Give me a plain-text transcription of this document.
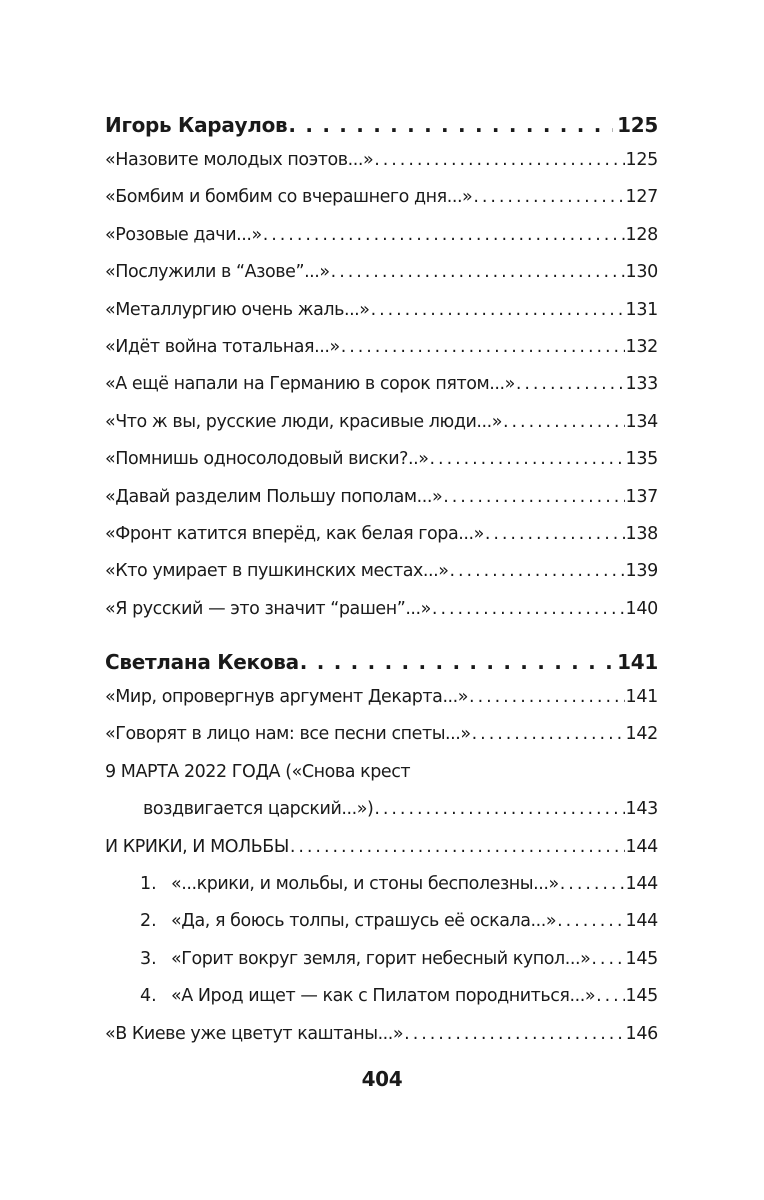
Игорь Караулов . . .	125
«Назовите молодых поэтов...» . . .	125
«Бомбим и бомбим со вчерашнего дня...» . . .	127
«Розовые дачи...» . . .	128
«Послужили в “Азове”...» . . .	130
«Металлургию очень жаль...» . . .	131
«Идёт война тотальная...» . . .	132
«А ещё напали на Германию в сорок пятом...» . . .	133
«Что ж вы, русские люди, красивые люди...» . . .	134
«Помнишь односолодовый виски?..» . . .	135
«Давай разделим Польшу пополам...» . . .	137
«Фронт катится вперёд, как белая гора...» . . .	138
«Кто умирает в пушкинских местах...» . . .	139
«Я русский — это значит “рашен”...» . . .	140
Светлана Кекова . . .	141
«Мир, опровергнув аргумент Декарта...» . . .	141
«Говорят в лицо нам: все песни спеты...» . . .	142
9 МАРТА 2022 ГОДА («Снова крест
воздвигается царский...») . . .	143
И КРИКИ, И МОЛЬБЫ . . .	144
1. «...крики, и мольбы, и стоны бесполезны...» . . .	144
2. «Да, я боюсь толпы, страшусь её оскала...» . . .	144
3. «Горит вокруг земля, горит небесный купол...» . . . 145
4. «А Ирод ищет — как с Пилатом породниться...» . . . 145
«В Киеве уже цветут каштаны...» . . .	146
404
